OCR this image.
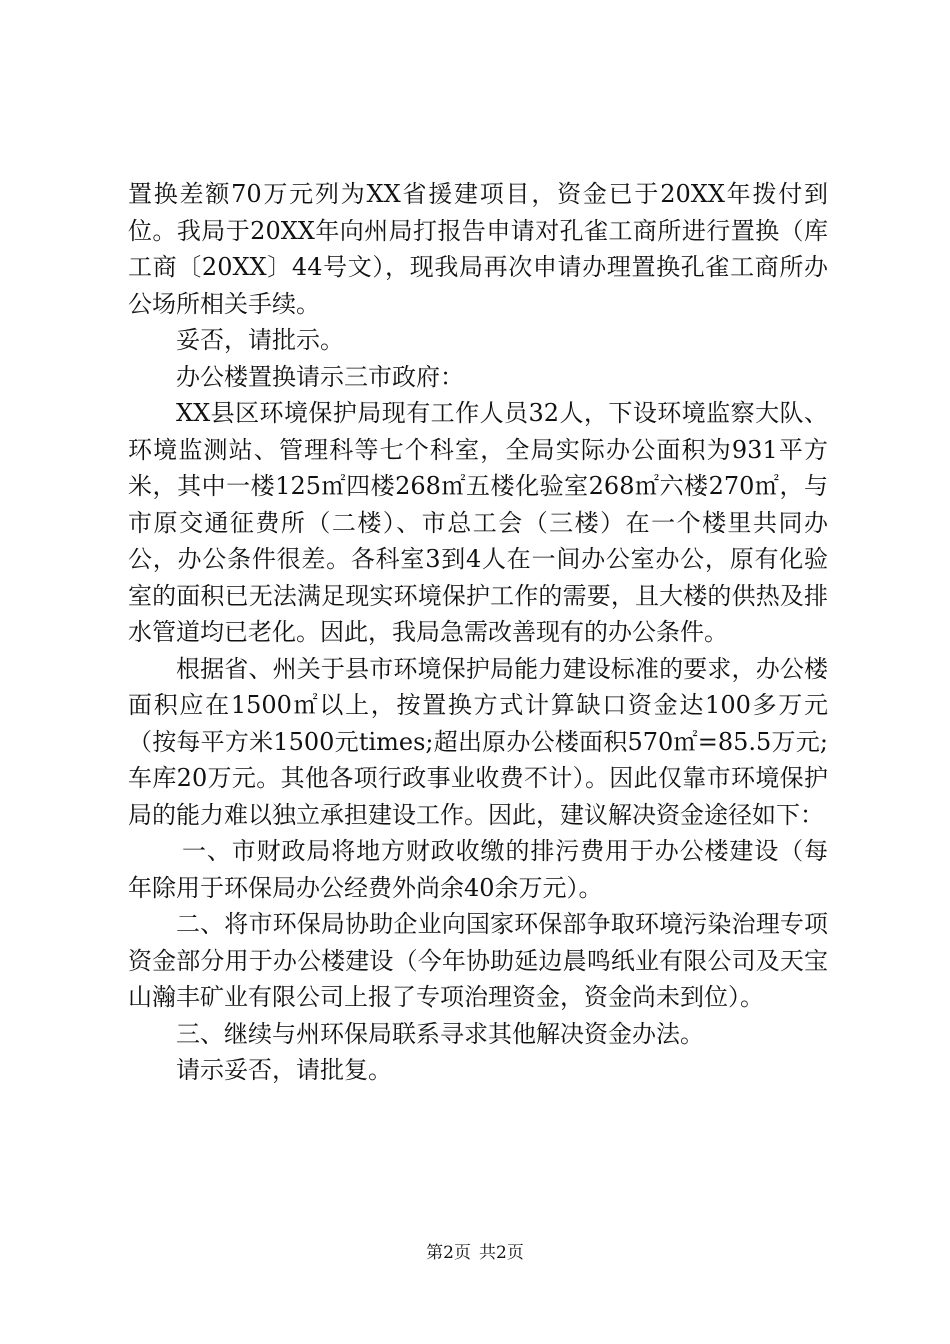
置换差额70万元列为XX省援建项目，资金已于20XX年拨付到位。我局于20XX年向州局打报告申请对孔雀工商所进行置换（库工商〔20XX〕44号文），现我局再次申请办理置换孔雀工商所办公场所相关手续。

妥否，请批示。

办公楼置换请示三市政府：

XX县区环境保护局现有工作人员32人，下设环境监察大队、环境监测站、管理科等七个科室，全局实际办公面积为931平方米，其中一楼125㎡四楼268㎡五楼化验室268㎡六楼270㎡，与市原交通征费所（二楼）、市总工会（三楼）在一个楼里共同办公，办公条件很差。各科室3到4人在一间办公室办公，原有化验室的面积已无法满足现实环境保护工作的需要，且大楼的供热及排水管道均已老化。因此，我局急需改善现有的办公条件。

根据省、州关于县市环境保护局能力建设标准的要求，办公楼面积应在1500㎡以上，按置换方式计算缺口资金达100多万元（按每平方米1500元times;超出原办公楼面积570㎡=85.5万元;车库20万元。其他各项行政事业收费不计）。因此仅靠市环境保护局的能力难以独立承担建设工作。因此，建议解决资金途径如下：

一、市财政局将地方财政收缴的排污费用于办公楼建设（每年除用于环保局办公经费外尚余40余万元）。

二、将市环保局协助企业向国家环保部争取环境污染治理专项资金部分用于办公楼建设（今年协助延边晨鸣纸业有限公司及天宝山瀚丰矿业有限公司上报了专项治理资金，资金尚未到位）。

三、继续与州环保局联系寻求其他解决资金办法。

请示妥否，请批复。

第2页 共2页
